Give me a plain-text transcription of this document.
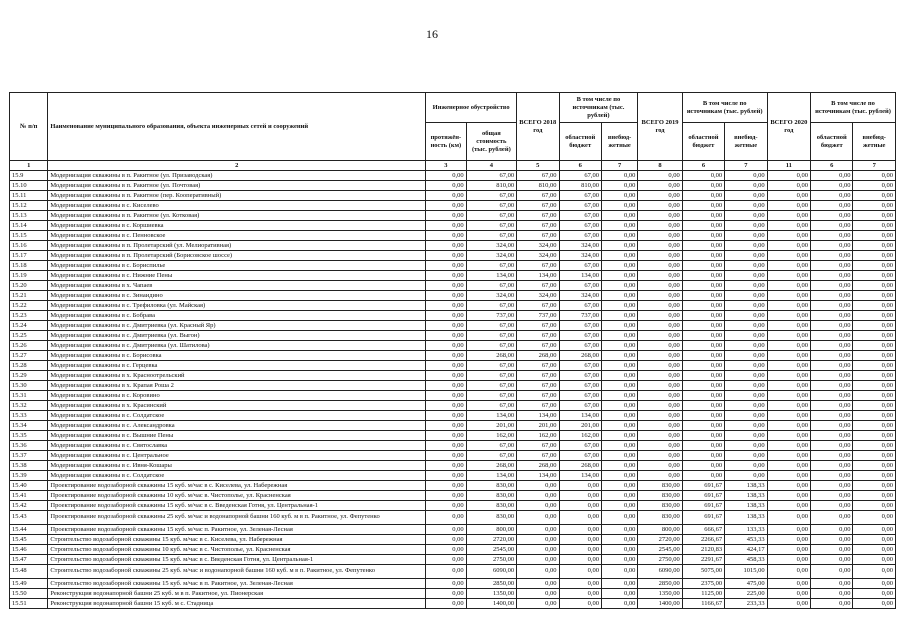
16
№ п/п	Наименование муниципального образования, объекта инженерных сетей и сооружений	Инженерное обустройство		ВСЕГО 2018 год	В том числе по источникам (тыс. рублей)		ВСЕГО 2019 год	В том числе по источникам (тыс. рублей)		ВСЕГО 2020 год	В том числе по источникам (тыс. рублей)	
		протяжён-ность (км)	общая стоимость (тыс. рублей)		областной бюджет	внебюд-жетные		областной бюджет	внебюд-жетные		областной бюджет	внебюд-жетные
1	2	3	4	5	6	7	8	6	7	11	6	7
15.9	Модернизация скважины в п. Ракитное (ул. Призаводская)	0,00	67,00	67,00	67,00	0,00	0,00	0,00	0,00	0,00	0,00	0,00
15.10	Модернизация скважины в п. Ракитное (ул. Почтовая)	0,00	810,00	810,00	810,00	0,00	0,00	0,00	0,00	0,00	0,00	0,00
15.11	Модернизация скважины в п. Ракитное (пер. Кооперативный)	0,00	67,00	67,00	67,00	0,00	0,00	0,00	0,00	0,00	0,00	0,00
15.12	Модернизация скважины в с. Киселево	0,00	67,00	67,00	67,00	0,00	0,00	0,00	0,00	0,00	0,00	0,00
15.13	Модернизация скважины в п. Ракитное (ул. Котковая)	0,00	67,00	67,00	67,00	0,00	0,00	0,00	0,00	0,00	0,00	0,00
15.14	Модернизация скважины в с. Коршиевка	0,00	67,00	67,00	67,00	0,00	0,00	0,00	0,00	0,00	0,00	0,00
15.15	Модернизация скважины в с. Пенновское	0,00	67,00	67,00	67,00	0,00	0,00	0,00	0,00	0,00	0,00	0,00
15.16	Модернизация скважины в п. Пролетарский (ул. Мелиоративная)	0,00	324,00	324,00	324,00	0,00	0,00	0,00	0,00	0,00	0,00	0,00
15.17	Модернизация скважины в п. Пролетарский (Борисовское шоссе)	0,00	324,00	324,00	324,00	0,00	0,00	0,00	0,00	0,00	0,00	0,00
15.18	Модернизация скважины в с. Бориспилье	0,00	67,00	67,00	67,00	0,00	0,00	0,00	0,00	0,00	0,00	0,00
15.19	Модернизация скважины в с. Нижние Пены	0,00	134,00	134,00	134,00	0,00	0,00	0,00	0,00	0,00	0,00	0,00
15.20	Модернизация скважины в х. Чапаев	0,00	67,00	67,00	67,00	0,00	0,00	0,00	0,00	0,00	0,00	0,00
15.21	Модернизация скважины в с. Зинаидино	0,00	324,00	324,00	324,00	0,00	0,00	0,00	0,00	0,00	0,00	0,00
15.22	Модернизация скважины в с. Трефиловка (ул. Майская)	0,00	67,00	67,00	67,00	0,00	0,00	0,00	0,00	0,00	0,00	0,00
15.23	Модернизация скважины в с. Бобрава	0,00	737,00	737,00	737,00	0,00	0,00	0,00	0,00	0,00	0,00	0,00
15.24	Модернизация скважины в с. Дмитриевка (ул. Красный Яр)	0,00	67,00	67,00	67,00	0,00	0,00	0,00	0,00	0,00	0,00	0,00
15.25	Модернизация скважины в с. Дмитриевка (ул. Выгон)	0,00	67,00	67,00	67,00	0,00	0,00	0,00	0,00	0,00	0,00	0,00
15.26	Модернизация скважины в с. Дмитриевка (ул. Шатилова)	0,00	67,00	67,00	67,00	0,00	0,00	0,00	0,00	0,00	0,00	0,00
15.27	Модернизация скважины в с. Борисовка	0,00	268,00	268,00	268,00	0,00	0,00	0,00	0,00	0,00	0,00	0,00
15.28	Модернизация скважины в с. Герцевка	0,00	67,00	67,00	67,00	0,00	0,00	0,00	0,00	0,00	0,00	0,00
15.29	Модернизация скважины в х. Красноотрельский	0,00	67,00	67,00	67,00	0,00	0,00	0,00	0,00	0,00	0,00	0,00
15.30	Модернизация скважины в х. Крапая Роша 2	0,00	67,00	67,00	67,00	0,00	0,00	0,00	0,00	0,00	0,00	0,00
15.31	Модернизация скважины в с. Коровино	0,00	67,00	67,00	67,00	0,00	0,00	0,00	0,00	0,00	0,00	0,00
15.32	Модернизация скважины в х. Красинский	0,00	67,00	67,00	67,00	0,00	0,00	0,00	0,00	0,00	0,00	0,00
15.33	Модернизация скважины в с. Солдатское	0,00	134,00	134,00	134,00	0,00	0,00	0,00	0,00	0,00	0,00	0,00
15.34	Модернизация скважины в с. Александровка	0,00	201,00	201,00	201,00	0,00	0,00	0,00	0,00	0,00	0,00	0,00
15.35	Модернизация скважины в с. Вышние Пены	0,00	162,00	162,00	162,00	0,00	0,00	0,00	0,00	0,00	0,00	0,00
15.36	Модернизация скважины в с. Святославка	0,00	67,00	67,00	67,00	0,00	0,00	0,00	0,00	0,00	0,00	0,00
15.37	Модернизация скважины в с. Центральное	0,00	67,00	67,00	67,00	0,00	0,00	0,00	0,00	0,00	0,00	0,00
15.38	Модернизация скважины в с. Ивня-Кошары	0,00	268,00	268,00	268,00	0,00	0,00	0,00	0,00	0,00	0,00	0,00
15.39	Модернизация скважины в с. Солдатское	0,00	134,00	134,00	134,00	0,00	0,00	0,00	0,00	0,00	0,00	0,00
15.40	Проектирование водозаборной скважины 15 куб. м/час в с. Киселева, ул. Набережная	0,00	830,00	0,00	0,00	0,00	830,00	691,67	138,33	0,00	0,00	0,00
15.41	Проектирование водозаборной скважины 10 куб. м/час в. Чистополье, ул. Красненская	0,00	830,00	0,00	0,00	0,00	830,00	691,67	138,33	0,00	0,00	0,00
15.42	Проектирование водозаборной скважины 15 куб. м/час в с. Введенская Готня, ул. Центральная-1	0,00	830,00	0,00	0,00	0,00	830,00	691,67	138,33	0,00	0,00	0,00
15.43	Проектирование водозаборной скважины 25 куб. м/час и водонапорной башни 160 куб. м в п. Ракитное, ул. Фепутенко	0,00	830,00	0,00	0,00	0,00	830,00	691,67	138,33	0,00	0,00	0,00
15.44	Проектирование водозаборной скважины 15 куб. м/час п. Ракитное, ул. Зеленая-Лесная	0,00	800,00	0,00	0,00	0,00	800,00	666,67	133,33	0,00	0,00	0,00
15.45	Строительство водозаборной скважины 15 куб. м/час в с. Киселева, ул. Набережная	0,00	2720,00	0,00	0,00	0,00	2720,00	2266,67	453,33	0,00	0,00	0,00
15.46	Строительство водозаборной скважины 10 куб. м/час в с. Чистополье, ул. Красненская	0,00	2545,00	0,00	0,00	0,00	2545,00	2120,83	424,17	0,00	0,00	0,00
15.47	Строительство водозаборной скважины 15 куб. м/час в с. Введенская Готня, ул. Центральная-1	0,00	2750,00	0,00	0,00	0,00	2750,00	2291,67	458,33	0,00	0,00	0,00
15.48	Строительство водозаборной скважины 25 куб. м/час и водонапорной башни 160 куб. м в п. Ракитное, ул. Фепутенко	0,00	6090,00	0,00	0,00	0,00	6090,00	5075,00	1015,00	0,00	0,00	0,00
15.49	Строительство водозаборной скважины 15 куб. м/час в п. Ракитное, ул. Зеленая-Лесная	0,00	2850,00	0,00	0,00	0,00	2850,00	2375,00	475,00	0,00	0,00	0,00
15.50	Реконструкция водонапорной башни 25 куб. м в п. Ракитное, ул. Пионерская	0,00	1350,00	0,00	0,00	0,00	1350,00	1125,00	225,00	0,00	0,00	0,00
15.51	Реконструкция водонапорной башни 15 куб. м с. Стадница	0,00	1400,00	0,00	0,00	0,00	1400,00	1166,67	233,33	0,00	0,00	0,00
